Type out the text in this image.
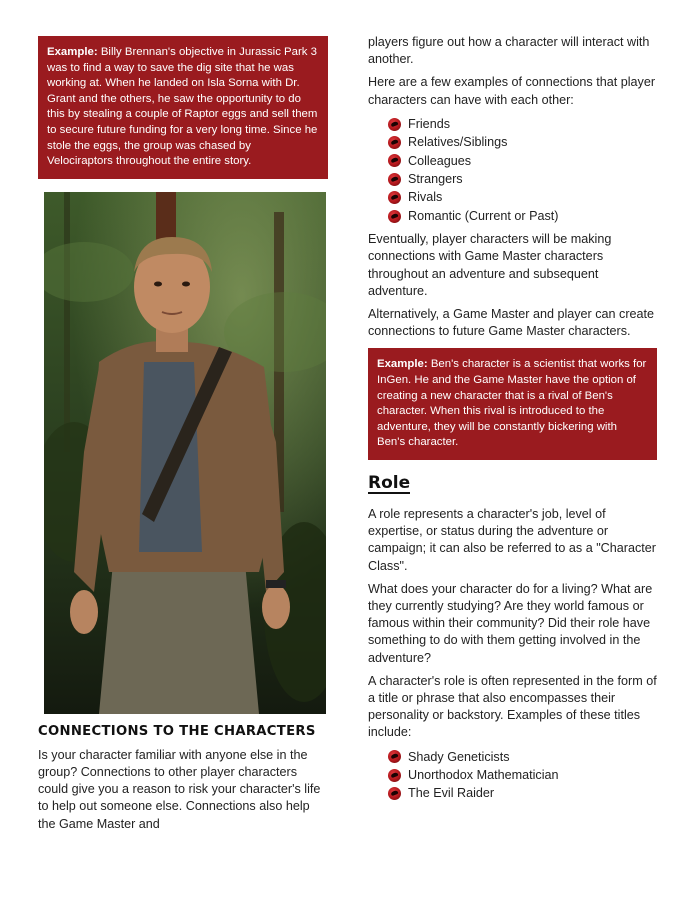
Example: Billy Brennan's objective in Jurassic Park 3 was to find a way to save the dig site that he was working at. When he landed on Isla Sorna with Dr. Grant and the others, he saw the opportunity to do this by stealing a couple of Raptor eggs and sell them to secure future funding for a very long time. Since he stole the eggs, the group was chased by Velociraptors throughout the entire story.
CONNECTIONS TO THE CHARACTERS

Is your character familiar with anyone else in the group? Connections to other player characters could give you a reason to risk your character's life to help out someone else. Connections also help the Game Master and

players figure out how a character will interact with another.

Here are a few examples of connections that player characters can have with each other:

Friends
Relatives/Siblings
Colleagues
Strangers
Rivals
Romantic (Current or Past)

Eventually, player characters will be making connections with Game Master characters throughout an adventure and subsequent adventure.

Alternatively, a Game Master and player can create connections to future Game Master characters.

Example: Ben's character is a scientist that works for InGen. He and the Game Master have the option of creating a new character that is a rival of Ben's character. When this rival is introduced to the adventure, they will be constantly bickering with Ben's character.
Role

A role represents a character's job, level of expertise, or status during the adventure or campaign; it can also be referred to as a "Character Class".

What does your character do for a living? What are they currently studying? Are they world famous or famous within their community? Did their role have something to do with them getting involved in the adventure?

A character's role is often represented in the form of a title or phrase that also encompasses their personality or backstory. Examples of these titles include:

Shady Geneticists
Unorthodox Mathematician
The Evil Raider
